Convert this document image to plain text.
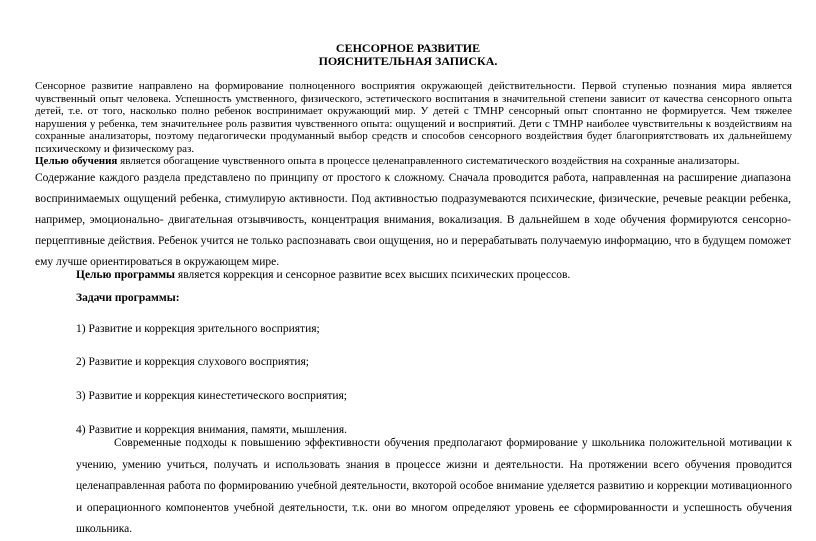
СЕНСОРНОЕ РАЗВИТИЕ
ПОЯСНИТЕЛЬНАЯ ЗАПИСКА.
Сенсорное развитие направлено на формирование полноценного восприятия окружающей действительности. Первой ступенью познания мира является чувственный опыт человека. Успешность умственного, физического, эстетического воспитания в значительной степени зависит от качества сенсорного опыта детей, т.е. от того, насколько полно ребенок воспринимает окружающий мир. У детей с ТМНР сенсорный опыт спонтанно не формируется. Чем тяжелее нарушения у ребенка, тем значительнее роль развития чувственного опыта: ощущений и восприятий. Дети с ТМНР наиболее чувствительны к воздействиям на сохранные анализаторы, поэтому педагогически продуманный выбор средств и способов сенсорного воздействия будет благоприятствовать их дальнейшему психическому и физическому раз.
Целью обучения является обогащение чувственного опыта в процессе целенаправленного систематического воздействия на сохранные анализаторы.
Содержание каждого раздела представлено по принципу от простого к сложному. Сначала проводится работа, направленная на расширение диапазона воспринимаемых ощущений ребенка, стимулирую активности. Под активностью подразумеваются психические, физические, речевые реакции ребенка, например, эмоционально- двигательная отзывчивость, концентрация внимания, вокализация. В дальнейшем в ходе обучения формируются сенсорно-перцептивные действия. Ребенок учится не только распознавать свои ощущения, но и перерабатывать получаемую информацию, что в будущем поможет ему лучше ориентироваться в окружающем мире.
Целью программы является коррекция и сенсорное развитие всех высших психических процессов.
Задачи программы:
1) Развитие и коррекция зрительного восприятия;
2) Развитие и коррекция слухового восприятия;
3) Развитие и коррекция кинестетического восприятия;
4) Развитие и коррекция внимания, памяти, мышления.
Современные подходы к повышению эффективности обучения предполагают формирование у школьника положительной мотивации к учению, умению учиться, получать и использовать знания в процессе жизни и деятельности. На протяжении всего обучения проводится целенаправленная работа по формированию учебной деятельности, вкоторой особое внимание уделяется развитию и коррекции мотивационного и операционного компонентов учебной деятельности, т.к. они во многом определяют уровень ее сформированности и успешность обучения школьника.
